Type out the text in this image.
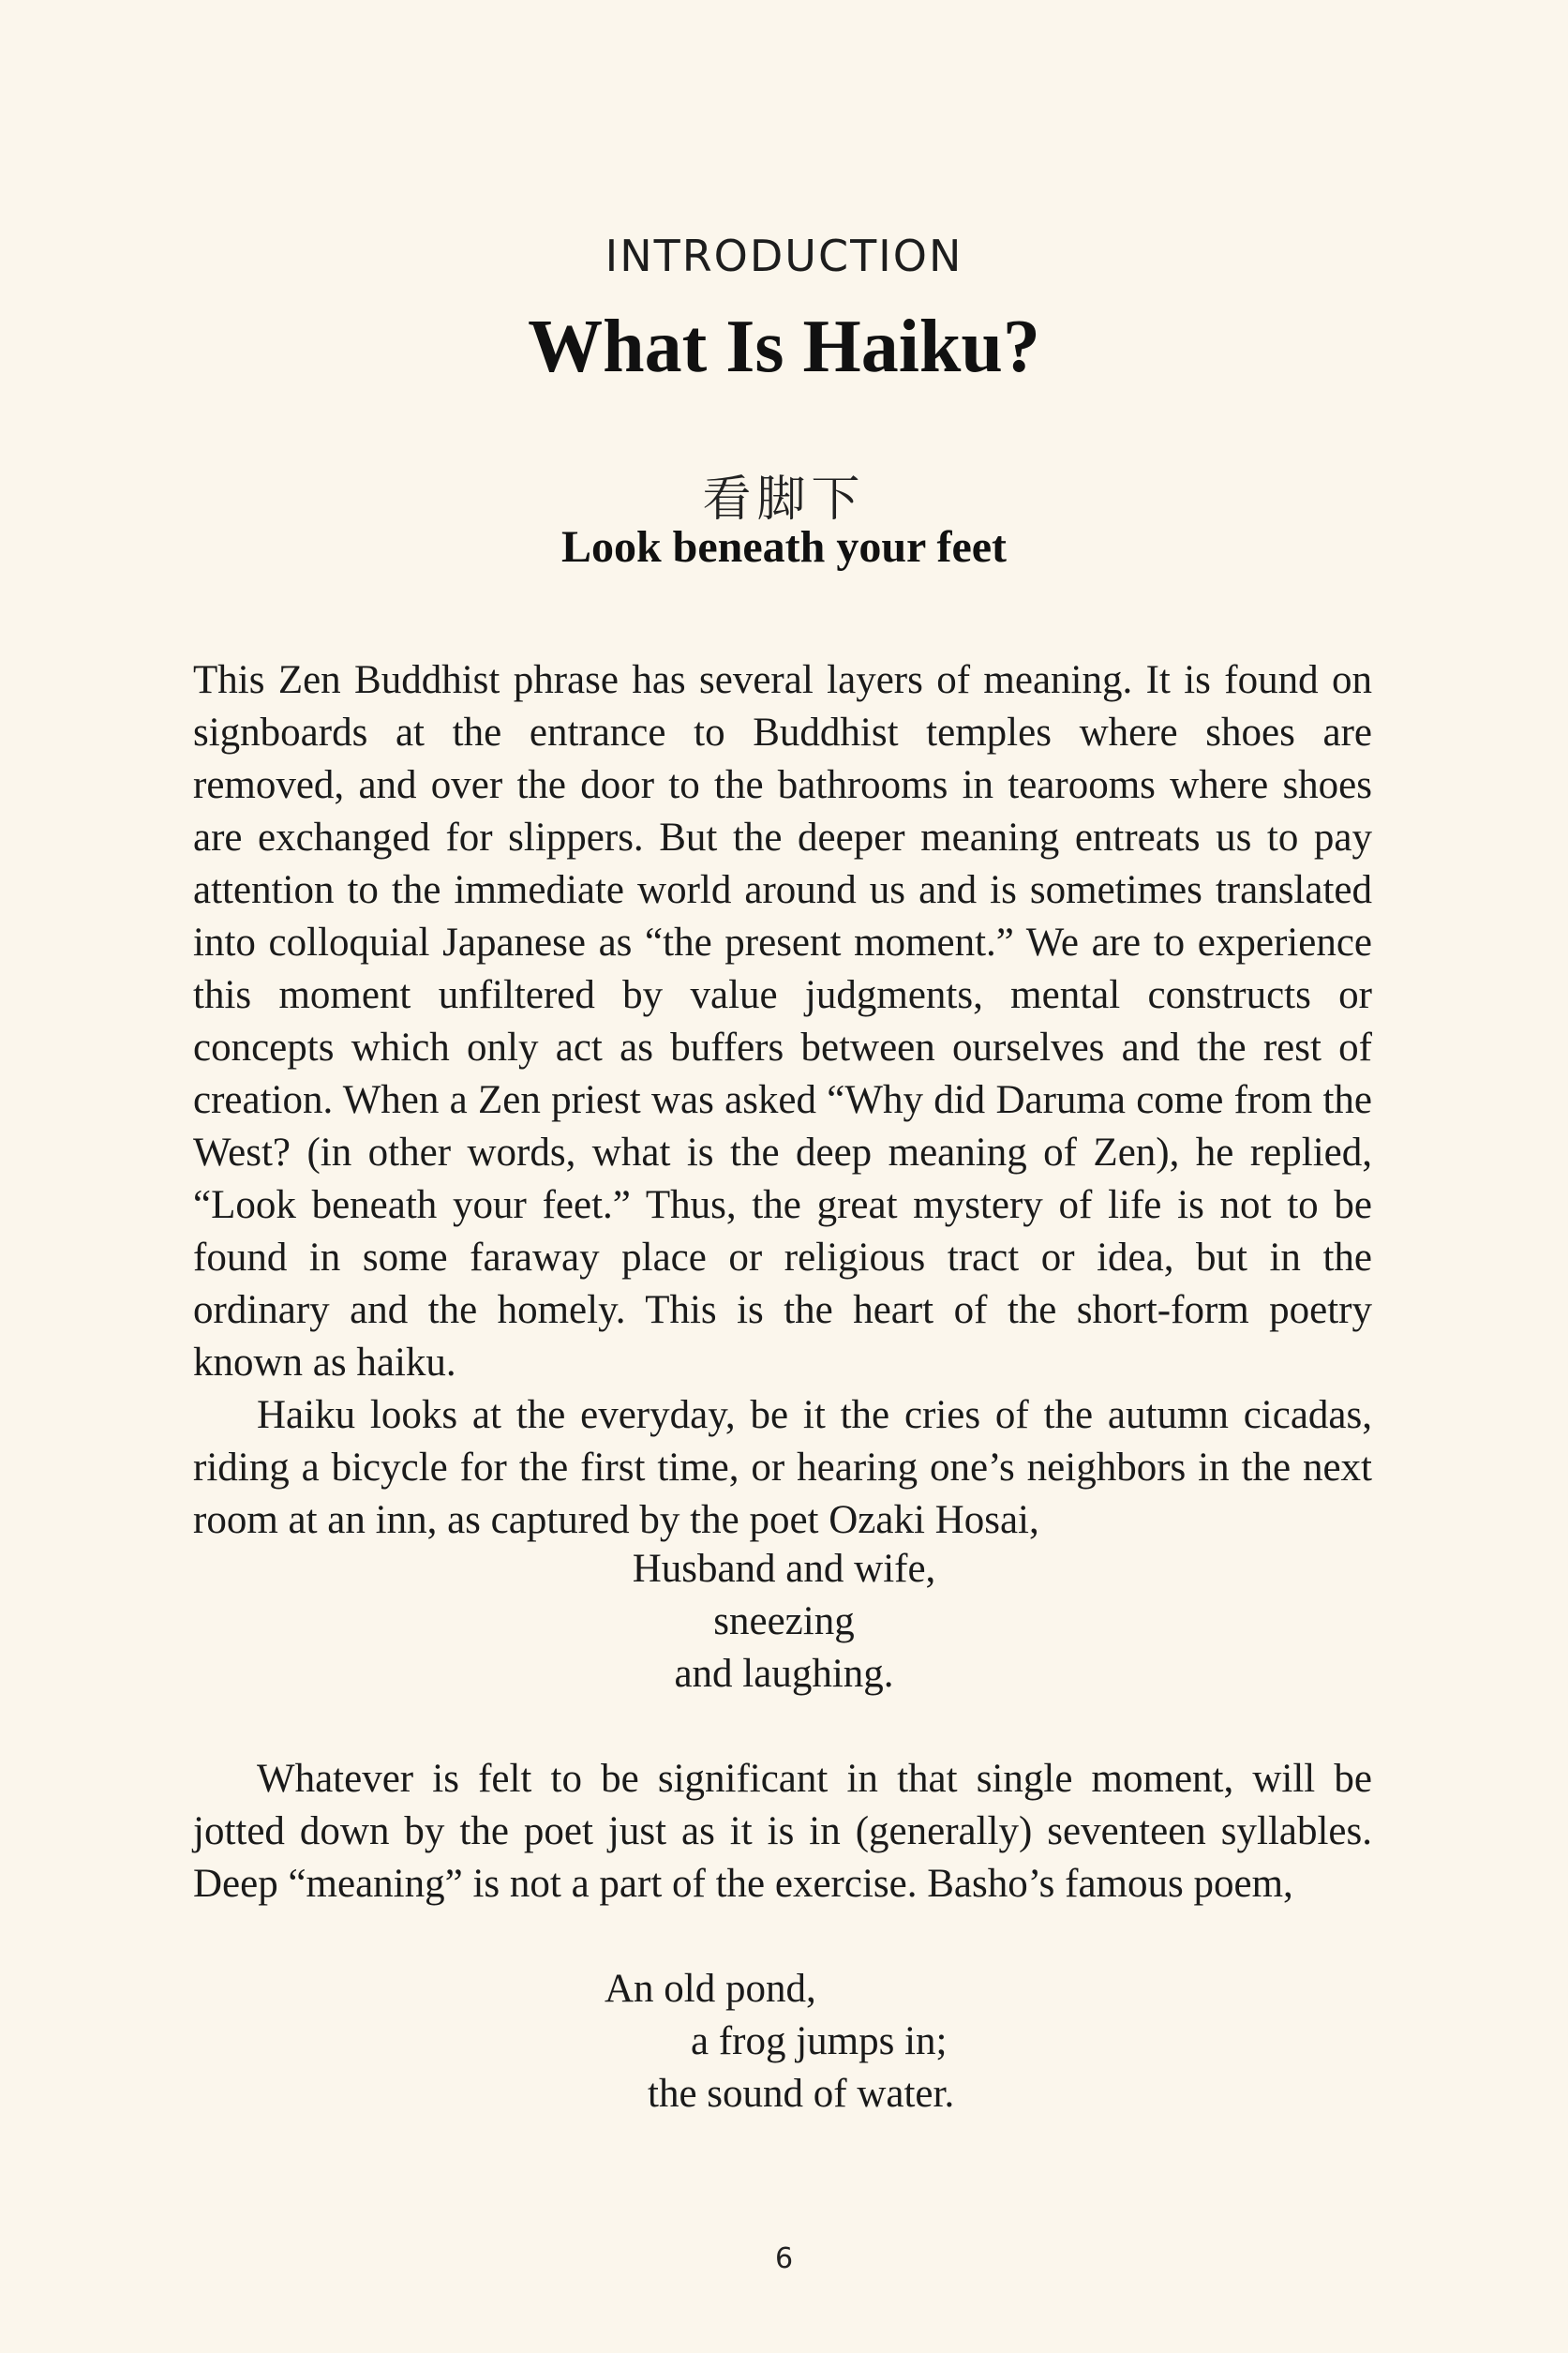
INTRODUCTION
What Is Haiku?
看脚下
Look beneath your feet

This Zen Buddhist phrase has several layers of meaning. It is found on signboards at the entrance to Buddhist temples where shoes are removed, and over the door to the bathrooms in tearooms where shoes are exchanged for slippers. But the deeper meaning entreats us to pay attention to the immediate world around us and is sometimes translated into colloquial Japanese as “the present moment.” We are to experience this moment unfiltered by value judgments, mental constructs or concepts which only act as buffers between ourselves and the rest of creation. When a Zen priest was asked “Why did Daruma come from the West? (in other words, what is the deep meaning of Zen), he replied, “Look beneath your feet.” Thus, the great mystery of life is not to be found in some faraway place or religious tract or idea, but in the ordinary and the homely. This is the heart of the short-form poetry known as haiku.

Haiku looks at the everyday, be it the cries of the autumn cicadas, riding a bicycle for the first time, or hearing one’s neighbors in the next room at an inn, as captured by the poet Ozaki Hosai,

Husband and wife,
sneezing
and laughing.

Whatever is felt to be significant in that single moment, will be jotted down by the poet just as it is in (generally) seventeen syllables. Deep “meaning” is not a part of the exercise. Basho’s famous poem,

An old pond,
a frog jumps in;
the sound of water.
6
